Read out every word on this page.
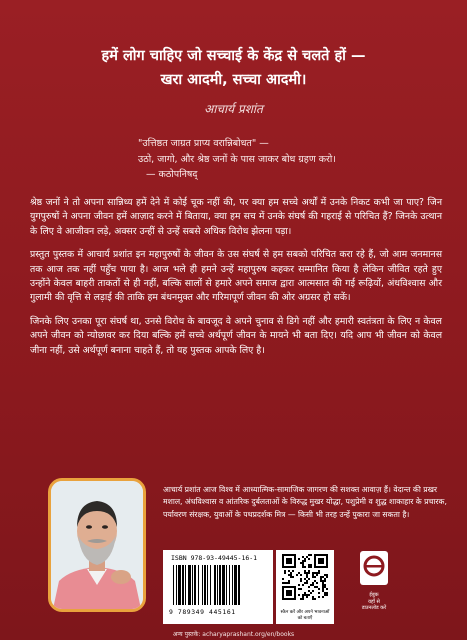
हमें लोग चाहिए जो सच्चाई के केंद्र से चलते हों —
खरा आदमी, सच्चा आदमी।
आचार्य प्रशांत
"उत्तिष्ठत जाग्रत प्राप्य वरान्निबोधत" —
उठो, जागो, और श्रेष्ठ जनों के पास जाकर बोध ग्रहण करो।
— कठोपनिषद्

श्रेष्ठ जनों ने तो अपना सान्निध्य हमें देने में कोई चूक नहीं की, पर क्या हम सच्चे अर्थों में उनके निकट कभी जा पाए? जिन युगपुरुषों ने अपना जीवन हमें आज़ाद करने में बिताया, क्या हम सच में उनके संघर्ष की गहराई से परिचित हैं? जिनके उत्थान के लिए वे आजीवन लड़े, अक्सर उन्हीं से उन्हें सबसे अधिक विरोध झेलना पड़ा।

प्रस्तुत पुस्तक में आचार्य प्रशांत इन महापुरुषों के जीवन के उस संघर्ष से हम सबको परिचित करा रहे हैं, जो आम जनमानस तक आज तक नहीं पहुँच पाया है। आज भले ही हमने उन्हें महापुरुष कहकर सम्मानित किया है लेकिन जीवित रहते हुए उन्होंने केवल बाहरी ताकतों से ही नहीं, बल्कि सालों से हमारे अपने समाज द्वारा आत्मसात की गई रूढ़ियों, अंधविश्वास और गुलामी की वृत्ति से लड़ाई की ताकि हम बंधनमुक्त और गरिमापूर्ण जीवन की ओर अग्रसर हो सकें।

जिनके लिए उनका पूरा संघर्ष था, उनसे विरोध के बावजूद वे अपने चुनाव से डिगे नहीं और हमारी स्वतंत्रता के लिए न केवल अपने जीवन को न्योछावर कर दिया बल्कि हमें सच्चे अर्थपूर्ण जीवन के मायने भी बता दिए। यदि आप भी जीवन को केवल जीना नहीं, उसे अर्थपूर्ण बनाना चाहते हैं, तो यह पुस्तक आपके लिए है।

आचार्य प्रशांत आज विश्व में आध्यात्मिक-सामाजिक जागरण की सशक्त आवाज़ हैं। वेदान्त की प्रखर मशाल, अंधविश्वास व आंतरिक दुर्बलताओं के विरुद्ध मुखर योद्धा, पशुप्रेमी व शुद्ध शाकाहार के प्रचारक, पर्यावरण संरक्षक, युवाओं के पथप्रदर्शक मित्र — किसी भी तरह उन्हें पुकारा जा सकता है।
ISBN 978-93-49445-16-1
9 789349 445161	स्कैन करें और अपने भावनाओं को बताएँ
ईबुक
यहाँ से
डाउनलोड करें
अन्य पुस्तकें: acharyaprashant.org/en/books
